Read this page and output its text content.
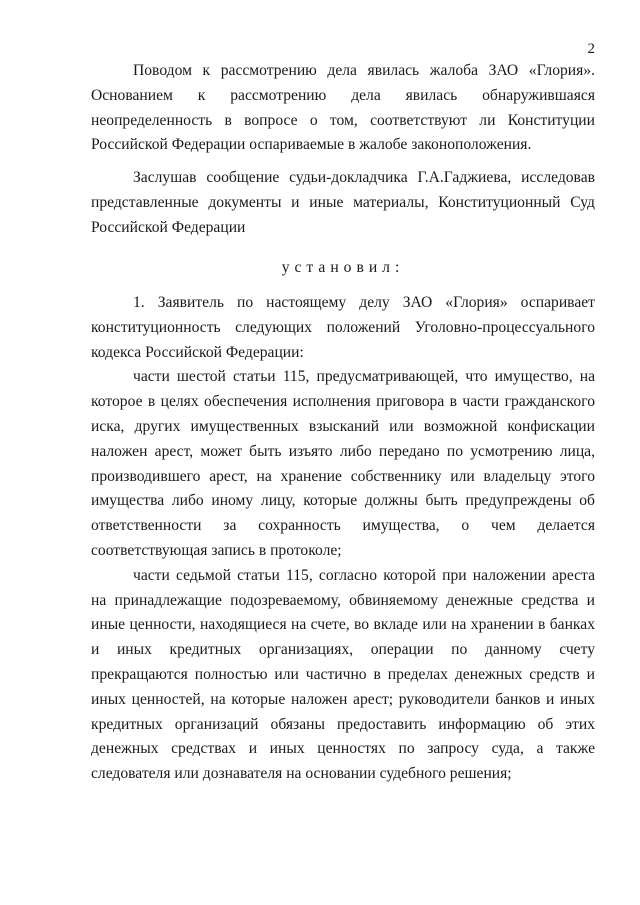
2

Поводом к рассмотрению дела явилась жалоба ЗАО «Глория». Основанием к рассмотрению дела явилась обнаружившаяся неопределенность в вопросе о том, соответствуют ли Конституции Российской Федерации оспариваемые в жалобе законоположения.

Заслушав сообщение судьи-докладчика Г.А.Гаджиева, исследовав представленные документы и иные материалы, Конституционный Суд Российской Федерации

установил:

1. Заявитель по настоящему делу ЗАО «Глория» оспаривает конституционность следующих положений Уголовно-процессуального кодекса Российской Федерации:

части шестой статьи 115, предусматривающей, что имущество, на которое в целях обеспечения исполнения приговора в части гражданского иска, других имущественных взысканий или возможной конфискации наложен арест, может быть изъято либо передано по усмотрению лица, производившего арест, на хранение собственнику или владельцу этого имущества либо иному лицу, которые должны быть предупреждены об ответственности за сохранность имущества, о чем делается соответствующая запись в протоколе;

части седьмой статьи 115, согласно которой при наложении ареста на принадлежащие подозреваемому, обвиняемому денежные средства и иные ценности, находящиеся на счете, во вкладе или на хранении в банках и иных кредитных организациях, операции по данному счету прекращаются полностью или частично в пределах денежных средств и иных ценностей, на которые наложен арест; руководители банков и иных кредитных организаций обязаны предоставить информацию об этих денежных средствах и иных ценностях по запросу суда, а также следователя или дознавателя на основании судебного решения;
